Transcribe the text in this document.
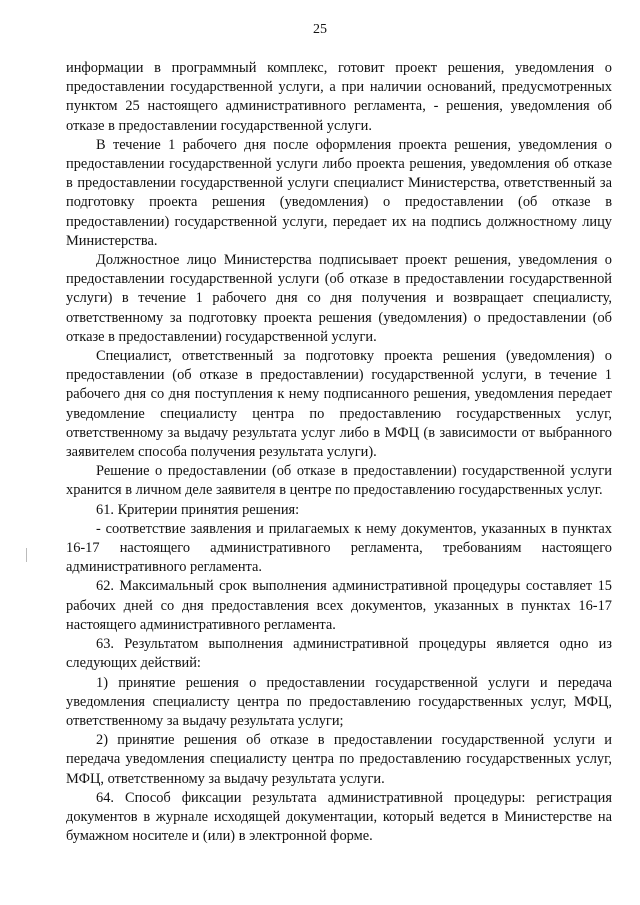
25

информации в программный комплекс, готовит проект решения, уведомления о предоставлении государственной услуги, а при наличии оснований, предусмотренных пунктом 25 настоящего административного регламента, - решения, уведомления об отказе в предоставлении государственной услуги.

В течение 1 рабочего дня после оформления проекта решения, уведомления о предоставлении государственной услуги либо проекта решения, уведомления об отказе в предоставлении государственной услуги специалист Министерства, ответственный за подготовку проекта решения (уведомления) о предоставлении (об отказе в предоставлении) государственной услуги, передает их на подпись должностному лицу Министерства.

Должностное лицо Министерства подписывает проект решения, уведомления о предоставлении государственной услуги (об отказе в предоставлении государственной услуги) в течение 1 рабочего дня со дня получения и возвращает специалисту, ответственному за подготовку проекта решения (уведомления) о предоставлении (об отказе в предоставлении) государственной услуги.

Специалист, ответственный за подготовку проекта решения (уведомления) о предоставлении (об отказе в предоставлении) государственной услуги, в течение 1 рабочего дня со дня поступления к нему подписанного решения, уведомления передает уведомление специалисту центра по предоставлению государственных услуг, ответственному за выдачу результата услуг либо в МФЦ (в зависимости от выбранного заявителем способа получения результата услуги).

Решение о предоставлении (об отказе в предоставлении) государственной услуги хранится в личном деле заявителя в центре по предоставлению государственных услуг.

61. Критерии принятия решения:

- соответствие заявления и прилагаемых к нему документов, указанных в пунктах 16-17 настоящего административного регламента, требованиям настоящего административного регламента.

62. Максимальный срок выполнения административной процедуры составляет 15 рабочих дней со дня предоставления всех документов, указанных в пунктах 16-17 настоящего административного регламента.

63. Результатом выполнения административной процедуры является одно из следующих действий:

1) принятие решения о предоставлении государственной услуги и передача уведомления специалисту центра по предоставлению государственных услуг, МФЦ, ответственному за выдачу результата услуги;

2) принятие решения об отказе в предоставлении государственной услуги и передача уведомления специалисту центра по предоставлению государственных услуг, МФЦ, ответственному за выдачу результата услуги.

64. Способ фиксации результата административной процедуры: регистрация документов в журнале исходящей документации, который ведется в Министерстве на бумажном носителе и (или) в электронной форме.
